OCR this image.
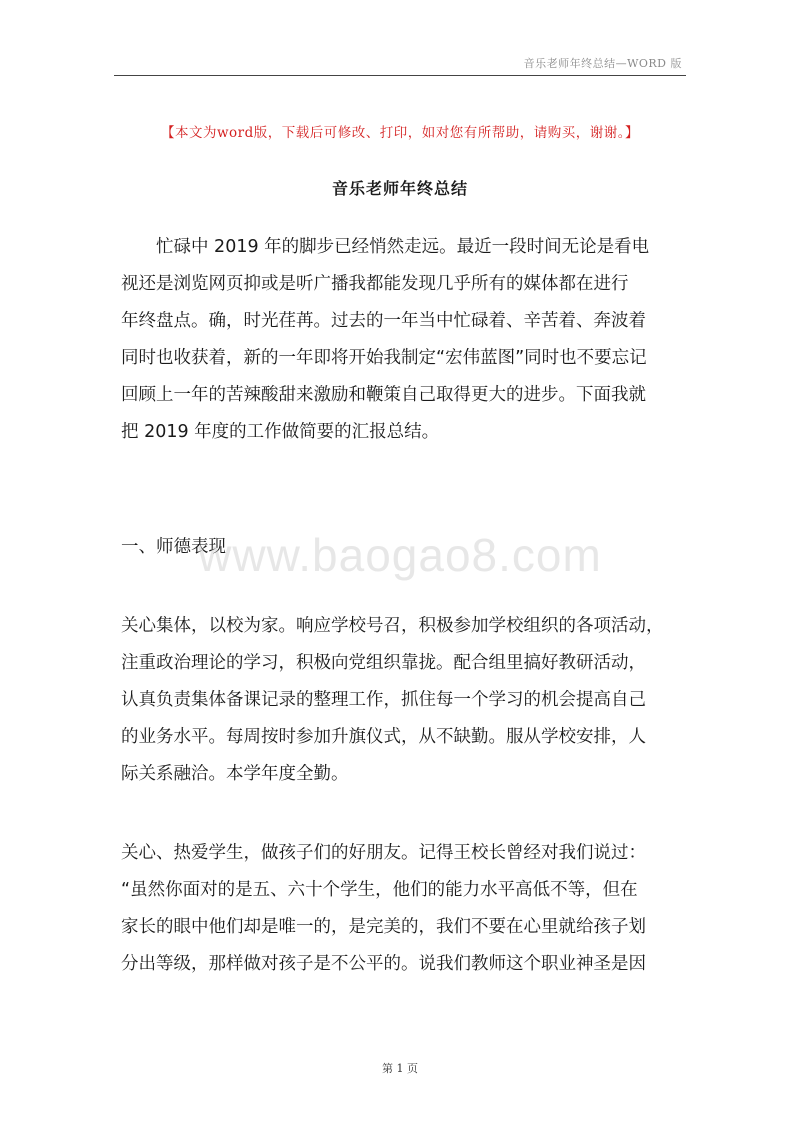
音乐老师年终总结—WORD 版
【本文为word版，下载后可修改、打印，如对您有所帮助，请购买，谢谢。】
音乐老师年终总结
　　忙碌中 2019 年的脚步已经悄然走远。最近一段时间无论是看电
视还是浏览网页抑或是听广播我都能发现几乎所有的媒体都在进行
年终盘点。确，时光荏苒。过去的一年当中忙碌着、辛苦着、奔波着
同时也收获着，新的一年即将开始我制定“宏伟蓝图”同时也不要忘记
回顾上一年的苦辣酸甜来激励和鞭策自己取得更大的进步。下面我就
把 2019 年度的工作做简要的汇报总结。
一、师德表现
www.baogao8.com
关心集体，以校为家。响应学校号召，积极参加学校组织的各项活动，
注重政治理论的学习，积极向党组织靠拢。配合组里搞好教研活动，
认真负责集体备课记录的整理工作，抓住每一个学习的机会提高自己
的业务水平。每周按时参加升旗仪式，从不缺勤。服从学校安排，人
际关系融洽。本学年度全勤。
关心、热爱学生，做孩子们的好朋友。记得王校长曾经对我们说过：
“虽然你面对的是五、六十个学生，他们的能力水平高低不等，但在
家长的眼中他们却是唯一的，是完美的，我们不要在心里就给孩子划
分出等级，那样做对孩子是不公平的。说我们教师这个职业神圣是因
第 1 页
